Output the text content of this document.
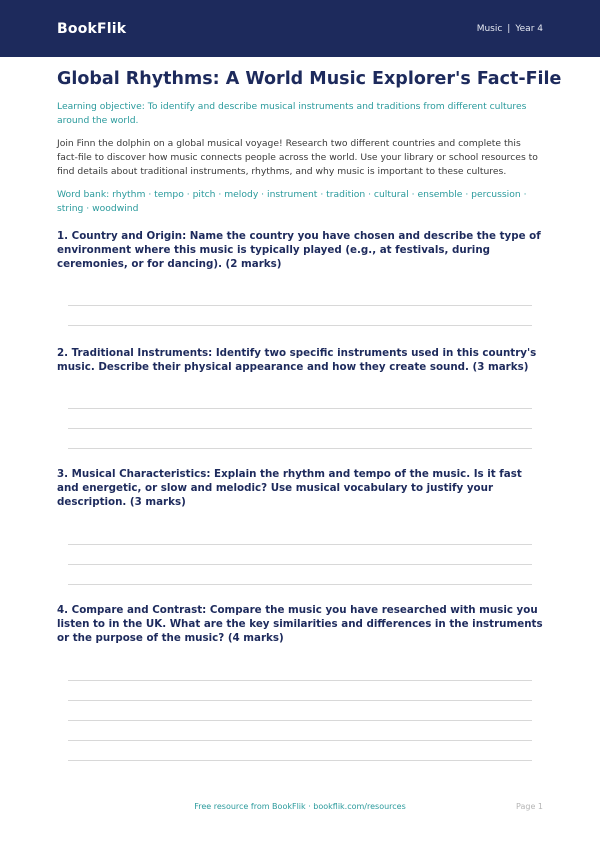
BookFlik	Music | Year 4
Global Rhythms: A World Music Explorer's Fact-File
Learning objective: To identify and describe musical instruments and traditions from different cultures around the world.
Join Finn the dolphin on a global musical voyage! Research two different countries and complete this fact-file to discover how music connects people across the world. Use your library or school resources to find details about traditional instruments, rhythms, and why music is important to these cultures.
Word bank: rhythm · tempo · pitch · melody · instrument · tradition · cultural · ensemble · percussion · string · woodwind
1. Country and Origin: Name the country you have chosen and describe the type of environment where this music is typically played (e.g., at festivals, during ceremonies, or for dancing). (2 marks)
2. Traditional Instruments: Identify two specific instruments used in this country's music. Describe their physical appearance and how they create sound. (3 marks)
3. Musical Characteristics: Explain the rhythm and tempo of the music. Is it fast and energetic, or slow and melodic? Use musical vocabulary to justify your description. (3 marks)
4. Compare and Contrast: Compare the music you have researched with music you listen to in the UK. What are the key similarities and differences in the instruments or the purpose of the music? (4 marks)
Free resource from BookFlik · bookflik.com/resources	Page 1
